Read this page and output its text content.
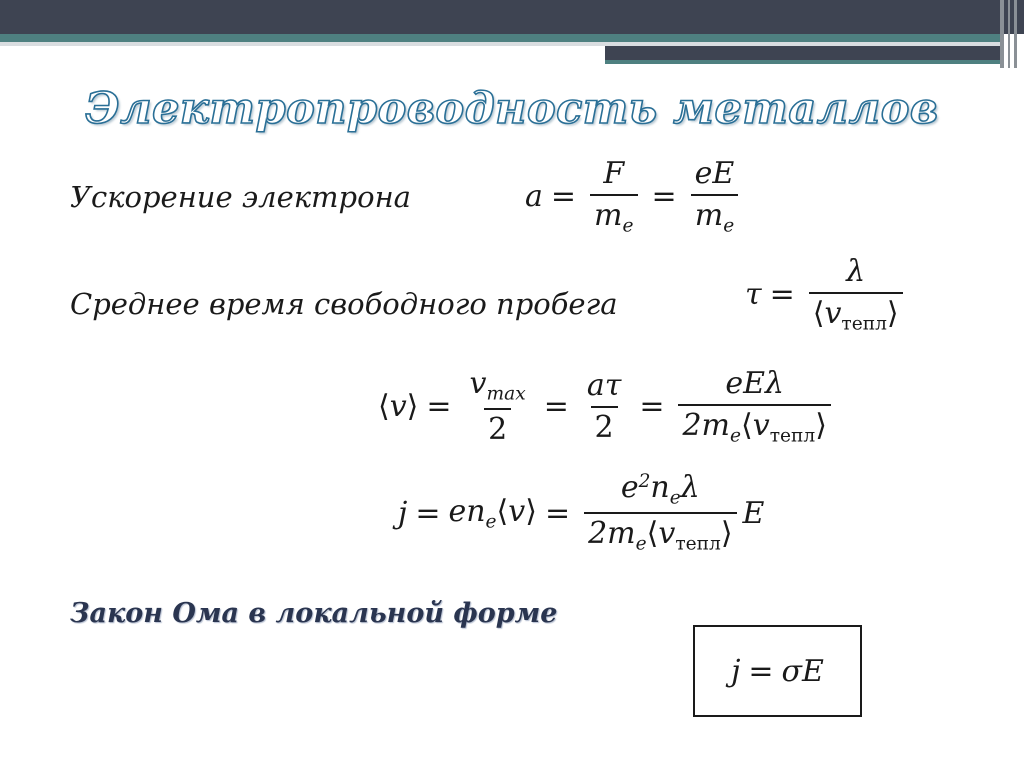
Электропроводность металлов
Ускорение электрона
Среднее время свободного пробега
Закон Ома в локальной форме
$a = \frac{F}{m_e} = \frac{eE}{m_e}$
$\tau = \frac{\lambda}{⟨v_{тепл}⟩}$
⟨v⟩ = $\frac{v_{max}}{2} = \frac{a\tau}{2} = \frac{\text{eEλ}}{2m_e⟨v_{тепл}⟩}$
$j = en_e⟨v⟩ = \frac{e^2n_e\lambda}{2m_e⟨v_{тепл}⟩}$ E
j = σE
